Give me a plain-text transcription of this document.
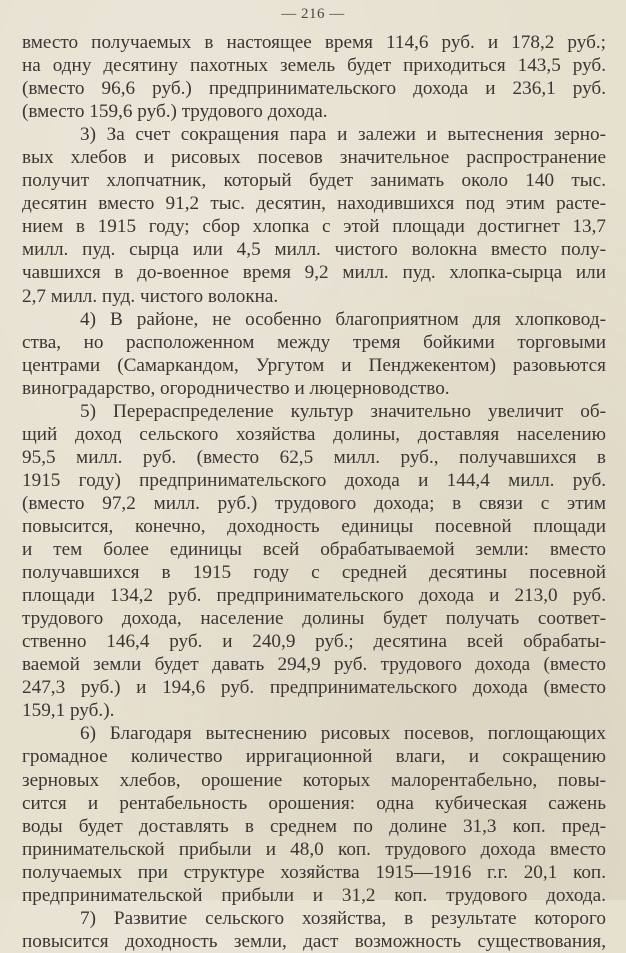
— 216 —
вместо получаемых в настоящее время 114,6 руб. и 178,2 руб.;
на одну десятину пахотных земель будет приходиться 143,5 руб.
(вместо 96,6 руб.) предпринимательского дохода и 236,1 руб.
(вместо 159,6 руб.) трудового дохода.
3) За счет сокращения пара и залежи и вытеснения зерно-
вых хлебов и рисовых посевов значительное распространение
получит хлопчатник, который будет занимать около 140 тыс.
десятин вместо 91,2 тыс. десятин, находившихся под этим расте-
нием в 1915 году; сбор хлопка с этой площади достигнет 13,7
милл. пуд. сырца или 4,5 милл. чистого волокна вместо полу-
чавшихся в до-военное время 9,2 милл. пуд. хлопка-сырца или
2,7 милл. пуд. чистого волокна.
4) В районе, не особенно благоприятном для хлопковод-
ства, но расположенном между тремя бойкими торговыми
центрами (Самаркандом, Ургутом и Пенджекентом) разовьются
виноградарство, огородничество и люцерноводство.
5) Перераспределение культур значительно увеличит об-
щий доход сельского хозяйства долины, доставляя населению
95,5 милл. руб. (вместо 62,5 милл. руб., получавшихся в
1915 году) предпринимательского дохода и 144,4 милл. руб.
(вместо 97,2 милл. руб.) трудового дохода; в связи с этим
повысится, конечно, доходность единицы посевной площади
и тем более единицы всей обрабатываемой земли: вместо
получавшихся в 1915 году с средней десятины посевной
площади 134,2 руб. предпринимательского дохода и 213,0 руб.
трудового дохода, население долины будет получать соответ-
ственно 146,4 руб. и 240,9 руб.; десятина всей обрабаты-
ваемой земли будет давать 294,9 руб. трудового дохода (вместо
247,3 руб.) и 194,6 руб. предпринимательского дохода (вместо
159,1 руб.).
6) Благодаря вытеснению рисовых посевов, поглощающих
громадное количество ирригационной влаги, и сокращению
зерновых хлебов, орошение которых малорентабельно, повы-
сится и рентабельность орошения: одна кубическая сажень
воды будет доставлять в среднем по долине 31,3 коп. пред-
принимательской прибыли и 48,0 коп. трудового дохода вместо
получаемых при структуре хозяйства 1915—1916 г.г. 20,1 коп.
предпринимательской прибыли и 31,2 коп. трудового дохода.
7) Развитие сельского хозяйства, в результате которого
повысится доходность земли, даст возможность существования,
